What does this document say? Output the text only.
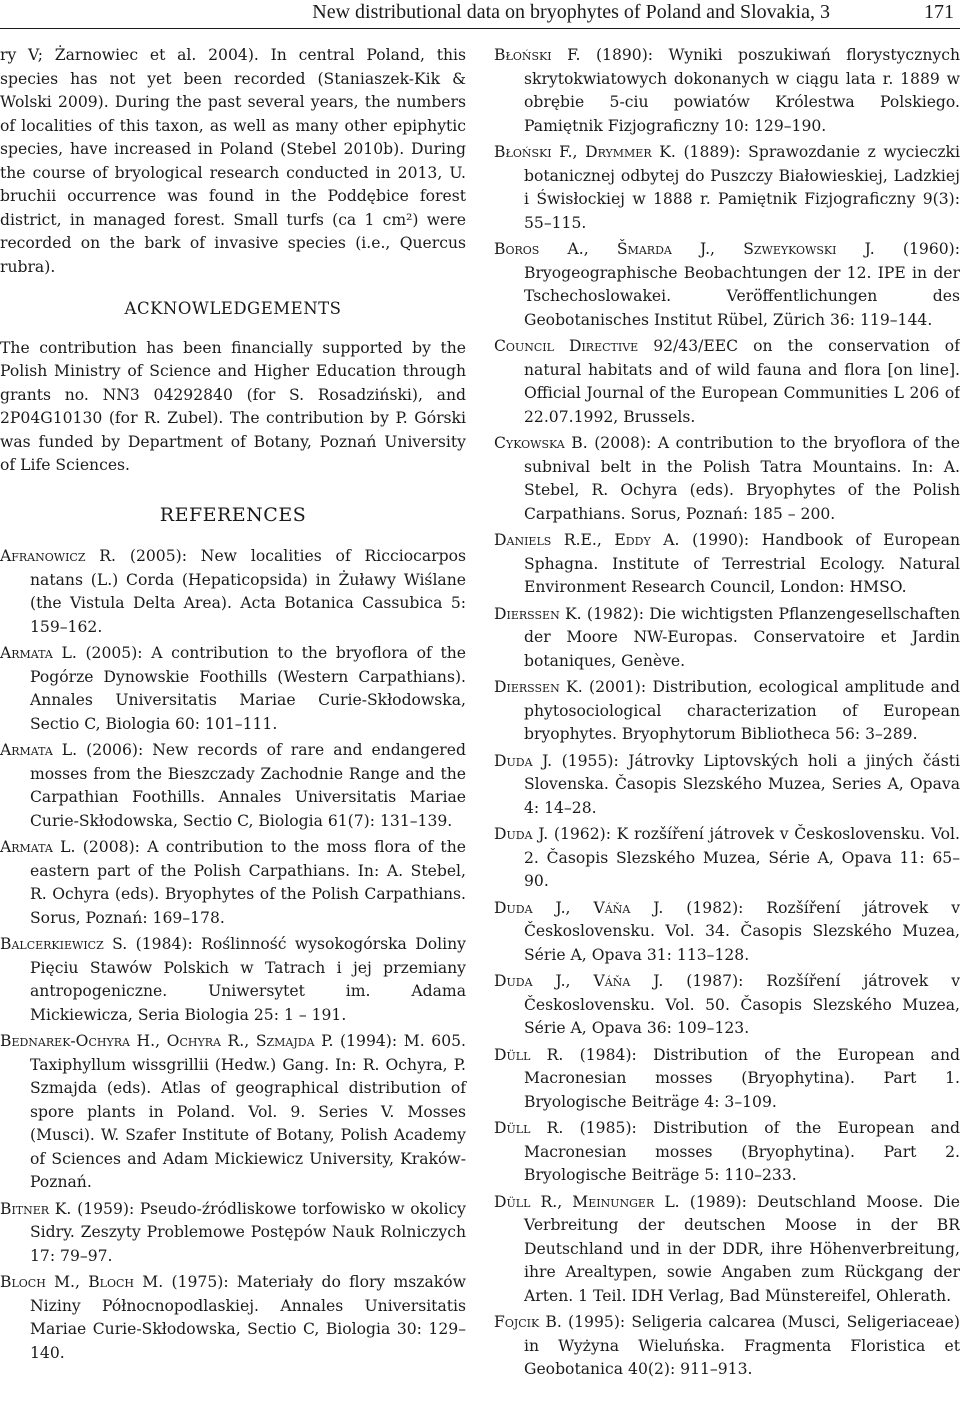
New distributional data on bryophytes of Poland and Slovakia, 3	171

ry V; Żarnowiec et al. 2004). In central Poland, this species has not yet been recorded (Staniaszek-Kik & Wolski 2009). During the past several years, the numbers of localities of this taxon, as well as many other epiphytic species, have increased in Poland (Stebel 2010b). During the course of bryological research conducted in 2013, U. bruchii occurrence was found in the Poddębice forest district, in managed forest. Small turfs (ca 1 cm²) were recorded on the bark of invasive species (i.e., Quercus rubra).

ACKNOWLEDGEMENTS

The contribution has been financially supported by the Polish Ministry of Science and Higher Education through grants no. NN3 04292840 (for S. Rosadziński), and 2P04G10130 (for R. Zubel). The contribution by P. Górski was funded by Department of Botany, Poznań University of Life Sciences.

REFERENCES

Afranowicz R. (2005): New localities of Ricciocarpos natans (L.) Corda (Hepaticopsida) in Żuławy Wiślane (the Vistula Delta Area). Acta Botanica Cassubica 5: 159–162.

Armata L. (2005): A contribution to the bryoflora of the Pogórze Dynowskie Foothills (Western Carpathians). Annales Universitatis Mariae Curie-Skłodowska, Sectio C, Biologia 60: 101–111.

Armata L. (2006): New records of rare and endangered mosses from the Bieszczady Zachodnie Range and the Carpathian Foothills. Annales Universitatis Mariae Curie-Skłodowska, Sectio C, Biologia 61(7): 131–139.

Armata L. (2008): A contribution to the moss flora of the eastern part of the Polish Carpathians. In: A. Stebel, R. Ochyra (eds). Bryophytes of the Polish Carpathians. Sorus, Poznań: 169–178.

Balcerkiewicz S. (1984): Roślinność wysokogórska Doliny Pięciu Stawów Polskich w Tatrach i jej przemiany antropogeniczne. Uniwersytet im. Adama Mickiewicza, Seria Biologia 25: 1 – 191.

Bednarek-Ochyra H., Ochyra R., Szmajda P. (1994): M. 605. Taxiphyllum wissgrillii (Hedw.) Gang. In: R. Ochyra, P. Szmajda (eds). Atlas of geographical distribution of spore plants in Poland. Vol. 9. Series V. Mosses (Musci). W. Szafer Institute of Botany, Polish Academy of Sciences and Adam Mickiewicz University, Kraków-Poznań.

Bitner K. (1959): Pseudo-źródliskowe torfowisko w okolicy Sidry. Zeszyty Problemowe Postępów Nauk Rolniczych 17: 79–97.

Bloch M., Bloch M. (1975): Materiały do flory mszaków Niziny Północnopodlaskiej. Annales Universitatis Mariae Curie-Skłodowska, Sectio C, Biologia 30: 129–140.

Błoński F. (1890): Wyniki poszukiwań florystycznych skrytokwiatowych dokonanych w ciągu lata r. 1889 w obrębie 5-ciu powiatów Królestwa Polskiego. Pamiętnik Fizjograficzny 10: 129–190.

Błoński F., Drymmer K. (1889): Sprawozdanie z wycieczki botanicznej odbytej do Puszczy Białowieskiej, Ladzkiej i Świsłockiej w 1888 r. Pamiętnik Fizjograficzny 9(3): 55–115.

Boros A., Šmarda J., Szweykowski J. (1960): Bryogeographische Beobachtungen der 12. IPE in der Tschechoslowakei. Veröffentlichungen des Geobotanisches Institut Rübel, Zürich 36: 119–144.

Council Directive 92/43/EEC on the conservation of natural habitats and of wild fauna and flora [on line]. Official Journal of the European Communities L 206 of 22.07.1992, Brussels.

Cykowska B. (2008): A contribution to the bryoflora of the subnival belt in the Polish Tatra Mountains. In: A. Stebel, R. Ochyra (eds). Bryophytes of the Polish Carpathians. Sorus, Poznań: 185 – 200.

Daniels R.E., Eddy A. (1990): Handbook of European Sphagna. Institute of Terrestrial Ecology. Natural Environment Research Council, London: HMSO.

Dierssen K. (1982): Die wichtigsten Pflanzengesellschaften der Moore NW-Europas. Conservatoire et Jardin botaniques, Genève.

Dierssen K. (2001): Distribution, ecological amplitude and phytosociological characterization of European bryophytes. Bryophytorum Bibliotheca 56: 3–289.

Duda J. (1955): Játrovky Liptovských holi a jiných části Slovenska. Časopis Slezského Muzea, Series A, Opava 4: 14–28.

Duda J. (1962): K rozšíření játrovek v Československu. Vol. 2. Časopis Slezského Muzea, Série A, Opava 11: 65–90.

Duda J., Váňa J. (1982): Rozšíření játrovek v Československu. Vol. 34. Časopis Slezského Muzea, Série A, Opava 31: 113–128.

Duda J., Váňa J. (1987): Rozšíření játrovek v Československu. Vol. 50. Časopis Slezského Muzea, Série A, Opava 36: 109–123.

Düll R. (1984): Distribution of the European and Macronesian mosses (Bryophytina). Part 1. Bryologische Beiträge 4: 3–109.

Düll R. (1985): Distribution of the European and Macronesian mosses (Bryophytina). Part 2. Bryologische Beiträge 5: 110–233.

Düll R., Meinunger L. (1989): Deutschland Moose. Die Verbreitung der deutschen Moose in der BR Deutschland und in der DDR, ihre Höhenverbreitung, ihre Arealtypen, sowie Angaben zum Rückgang der Arten. 1 Teil. IDH Verlag, Bad Münstereifel, Ohlerath.

Fojcik B. (1995): Seligeria calcarea (Musci, Seligeriaceae) in Wyżyna Wieluńska. Fragmenta Floristica et Geobotanica 40(2): 911–913.
